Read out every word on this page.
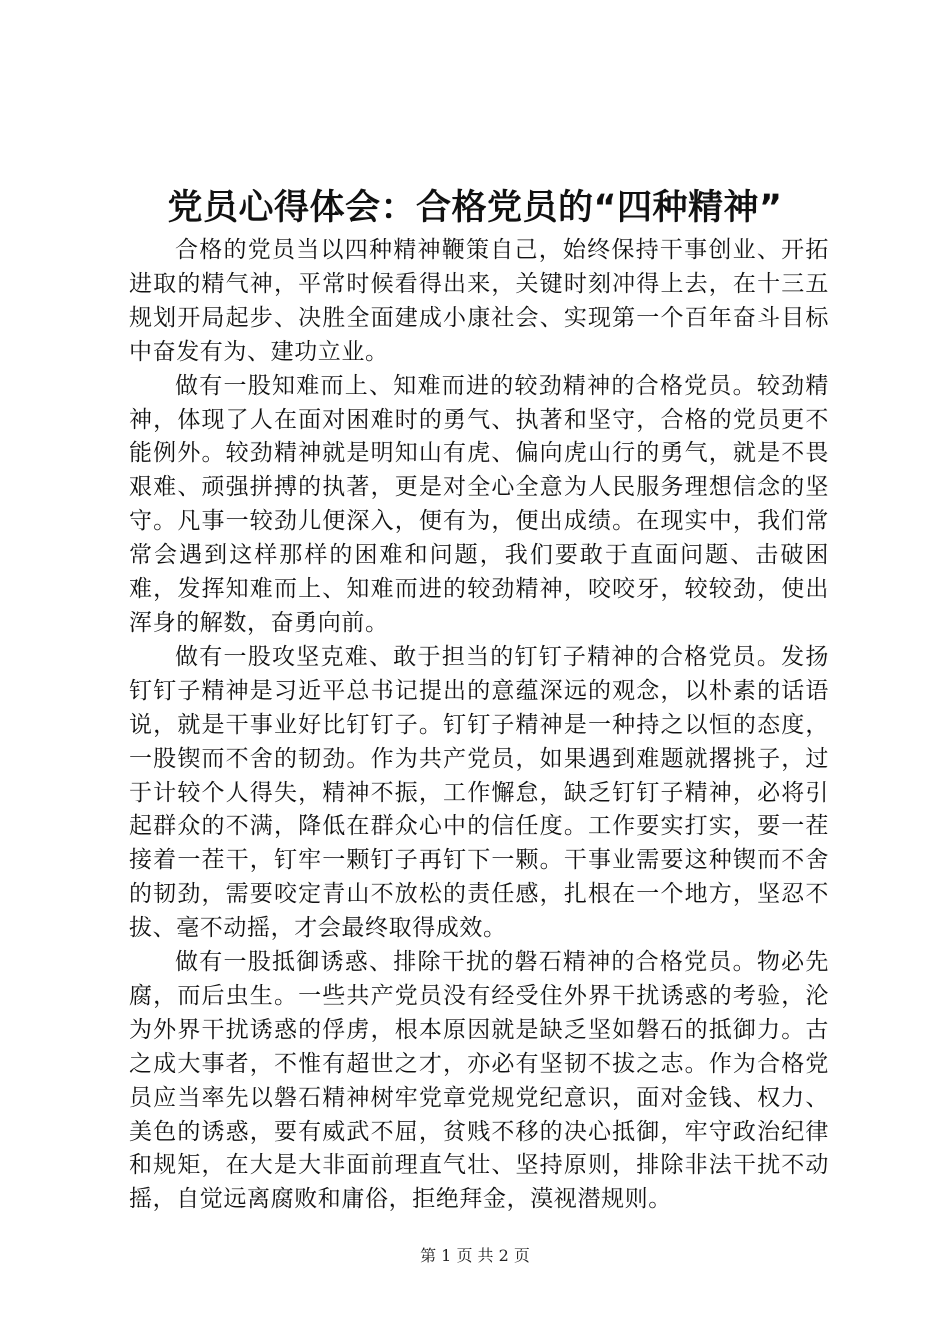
党员心得体会：合格党员的“四种精神”

合格的党员当以四种精神鞭策自己，始终保持干事创业、开拓进取的精气神，平常时候看得出来，关键时刻冲得上去，在十三五规划开局起步、决胜全面建成小康社会、实现第一个百年奋斗目标中奋发有为、建功立业。

做有一股知难而上、知难而进的较劲精神的合格党员。较劲精神，体现了人在面对困难时的勇气、执著和坚守，合格的党员更不能例外。较劲精神就是明知山有虎、偏向虎山行的勇气，就是不畏艰难、顽强拼搏的执著，更是对全心全意为人民服务理想信念的坚守。凡事一较劲儿便深入，便有为，便出成绩。在现实中，我们常常会遇到这样那样的困难和问题，我们要敢于直面问题、击破困难，发挥知难而上、知难而进的较劲精神，咬咬牙，较较劲，使出浑身的解数，奋勇向前。

做有一股攻坚克难、敢于担当的钉钉子精神的合格党员。发扬钉钉子精神是习近平总书记提出的意蕴深远的观念，以朴素的话语说，就是干事业好比钉钉子。钉钉子精神是一种持之以恒的态度，一股锲而不舍的韧劲。作为共产党员，如果遇到难题就撂挑子，过于计较个人得失，精神不振，工作懈怠，缺乏钉钉子精神，必将引起群众的不满，降低在群众心中的信任度。工作要实打实，要一茬接着一茬干，钉牢一颗钉子再钉下一颗。干事业需要这种锲而不舍的韧劲，需要咬定青山不放松的责任感，扎根在一个地方，坚忍不拔、毫不动摇，才会最终取得成效。

做有一股抵御诱惑、排除干扰的磐石精神的合格党员。物必先腐，而后虫生。一些共产党员没有经受住外界干扰诱惑的考验，沦为外界干扰诱惑的俘虏，根本原因就是缺乏坚如磐石的抵御力。古之成大事者，不惟有超世之才，亦必有坚韧不拔之志。作为合格党员应当率先以磐石精神树牢党章党规党纪意识，面对金钱、权力、美色的诱惑，要有威武不屈，贫贱不移的决心抵御，牢守政治纪律和规矩，在大是大非面前理直气壮、坚持原则，排除非法干扰不动摇，自觉远离腐败和庸俗，拒绝拜金，漠视潜规则。

第 1 页 共 2 页
